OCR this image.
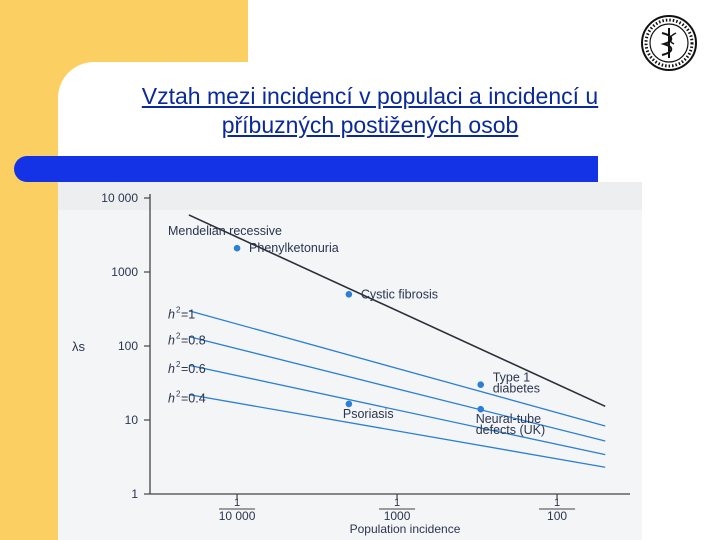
Vztah mezi incidencí v populaci a incidencí u
příbuzných postižených osob
10 000
1000
100
10
1
λs
1
10 000
1
1000
1
100
Population incidence
Mendelian recessive
h 2 =1
h 2 =0.8
h 2 =0.6
h 2 =0.4
Phenylketonuria
Cystic fibrosis
Type 1
diabetes
Psoriasis	Neural-tube
defects (UK)
